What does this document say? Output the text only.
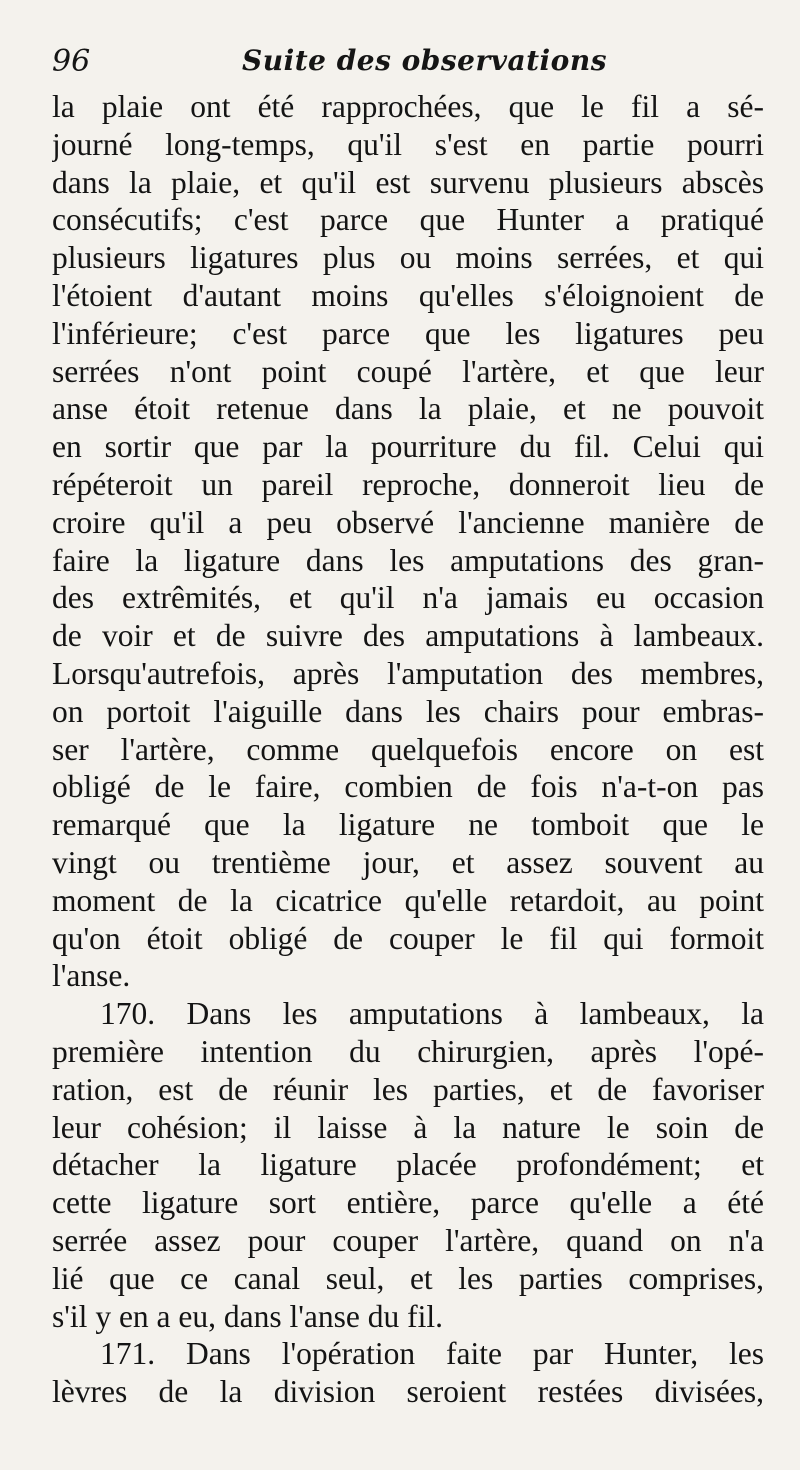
96	Suite des observations
la plaie ont été rapprochées, que le fil a sé-
journé long-temps, qu'il s'est en partie pourri
dans la plaie, et qu'il est survenu plusieurs abscès
consécutifs; c'est parce que Hunter a pratiqué
plusieurs ligatures plus ou moins serrées, et qui
l'étoient d'autant moins qu'elles s'éloignoient de
l'inférieure; c'est parce que les ligatures peu
serrées n'ont point coupé l'artère, et que leur
anse étoit retenue dans la plaie, et ne pouvoit
en sortir que par la pourriture du fil. Celui qui
répéteroit un pareil reproche, donneroit lieu de
croire qu'il a peu observé l'ancienne manière de
faire la ligature dans les amputations des gran-
des extrêmités, et qu'il n'a jamais eu occasion
de voir et de suivre des amputations à lambeaux.
Lorsqu'autrefois, après l'amputation des membres,
on portoit l'aiguille dans les chairs pour embras-
ser l'artère, comme quelquefois encore on est
obligé de le faire, combien de fois n'a-t-on pas
remarqué que la ligature ne tomboit que le
vingt ou trentième jour, et assez souvent au
moment de la cicatrice qu'elle retardoit, au point
qu'on étoit obligé de couper le fil qui formoit
l'anse.
170. Dans les amputations à lambeaux, la
première intention du chirurgien, après l'opé-
ration, est de réunir les parties, et de favoriser
leur cohésion; il laisse à la nature le soin de
détacher la ligature placée profondément; et
cette ligature sort entière, parce qu'elle a été
serrée assez pour couper l'artère, quand on n'a
lié que ce canal seul, et les parties comprises,
s'il y en a eu, dans l'anse du fil.
171. Dans l'opération faite par Hunter, les
lèvres de la division seroient restées divisées,
